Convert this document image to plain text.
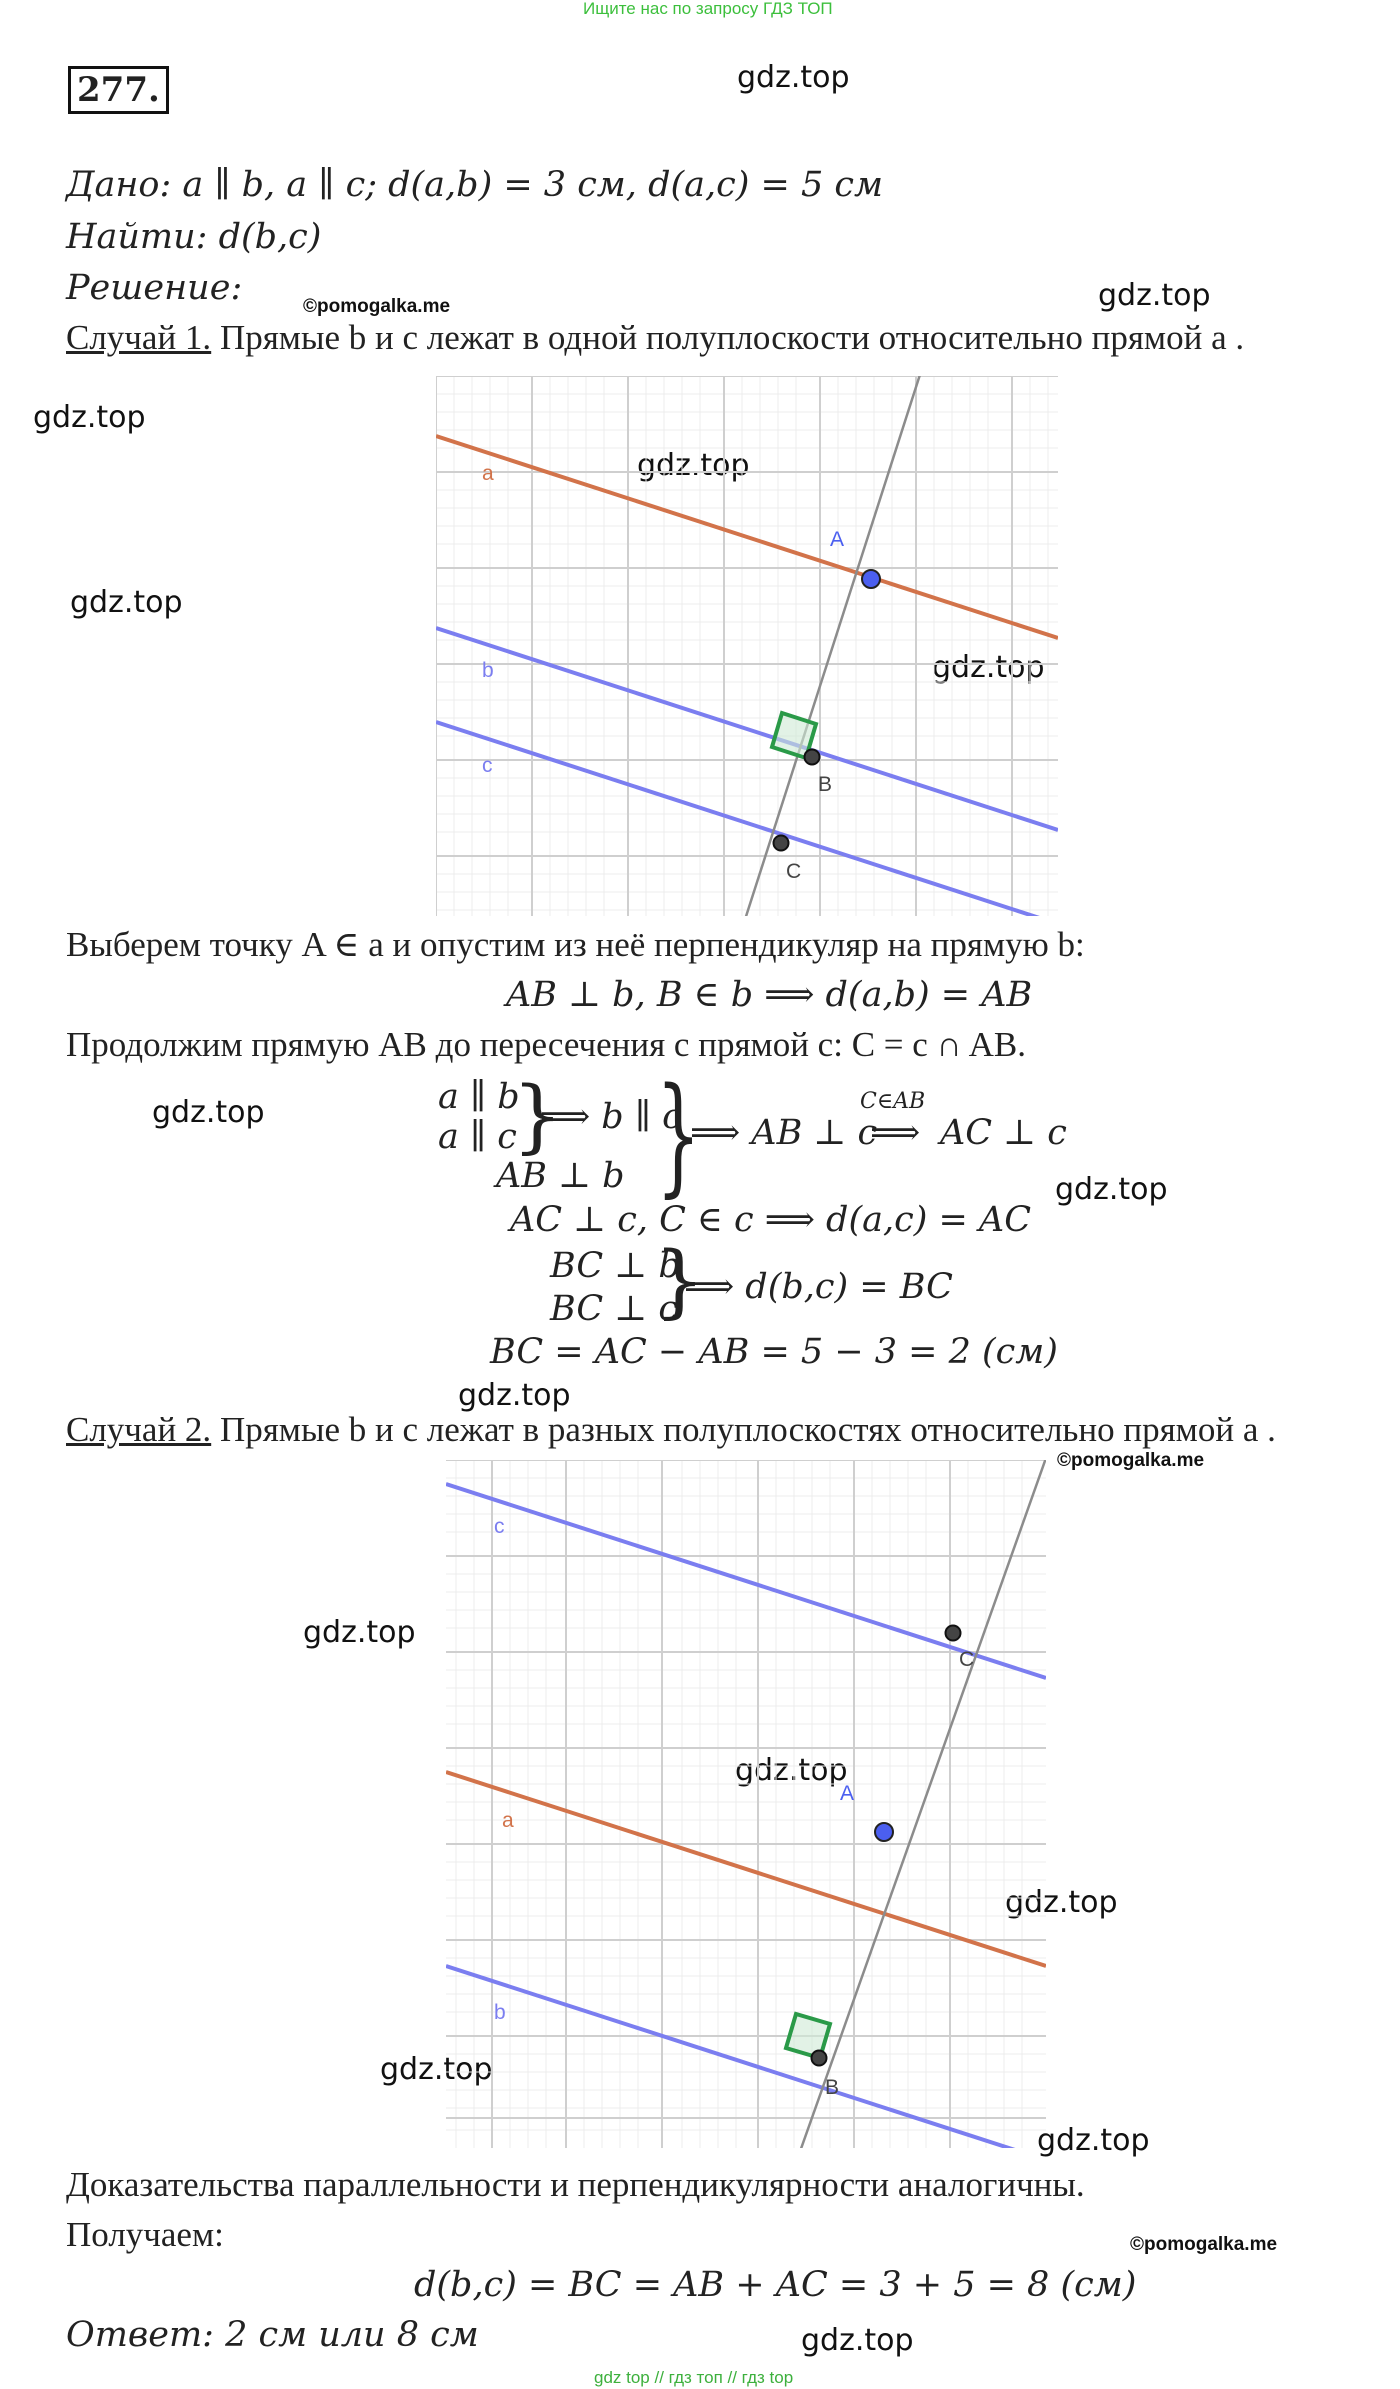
Ищите нас по запросу ГДЗ ТОП
277.	gdz.top
gdz.top
gdz.top
gdz.top
gdz.top
gdz.top
gdz.top
gdz.top
gdz.top
gdz.top
gdz.top
gdz.top
gdz.top
gdz.top
gdz.top
©pomogalka.me
©pomogalka.me
©pomogalka.me
Дано: a ∥ b, a ∥ c; d(a,b) = 3 см, d(a,c) = 5 см
Найти: d(b,c)
Решение:
Случай 1. Прямые b и c лежат в одной полуплоскости относительно прямой a .
a
b
c
A
B
C
Выберем точку A ∈ a и опустим из неё перпендикуляр на прямую b:
AB ⊥ b, B ∈ b ⟹ d(a,b) = AB
Продолжим прямую AB до пересечения с прямой c: C = c ∩ AB.
a ∥ b
a ∥ c
}
⟹ b ∥ c
AB ⊥ b }
⟹ AB ⊥ c
C∈AB
⟹ AC ⊥ c
AC ⊥ c, C ∈ c ⟹ d(a,c) = AC
BC ⊥ b
BC ⊥ c
}
⟹ d(b,c) = BC
BC = AC − AB = 5 − 3 = 2 (см)
Случай 2. Прямые b и c лежат в разных полуплоскостях относительно прямой a .
c
a
b
A
C
B
Доказательства параллельности и перпендикулярности аналогичны.
Получаем:
d(b,c) = BC = AB + AC = 3 + 5 = 8 (см)
Ответ: 2 см или 8 см
gdz top // гдз топ // гдз top
